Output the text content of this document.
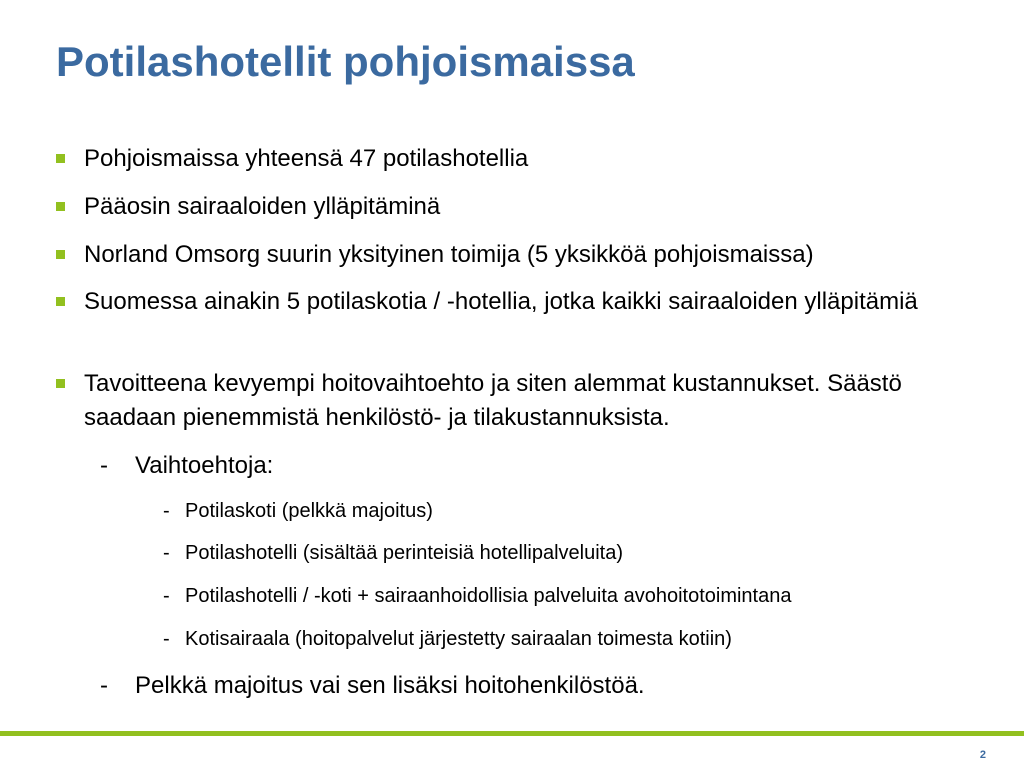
Potilashotellit pohjoismaissa
Pohjoismaissa yhteensä 47 potilashotellia
Pääosin sairaaloiden ylläpitäminä
Norland Omsorg suurin yksityinen toimija (5 yksikköä pohjoismaissa)
Suomessa ainakin 5 potilaskotia / -hotellia, jotka kaikki sairaaloiden ylläpitämiä
Tavoitteena kevyempi hoitovaihtoehto ja siten alemmat kustannukset. Säästö saadaan pienemmistä henkilöstö- ja tilakustannuksista.
- Vaihtoehtoja:
- Potilaskoti (pelkkä majoitus)
- Potilashotelli (sisältää perinteisiä hotellipalveluita)
- Potilashotelli / -koti + sairaanhoidollisia palveluita avohoitotoimintana
- Kotisairaala (hoitopalvelut järjestetty sairaalan toimesta kotiin)
- Pelkkä majoitus vai sen lisäksi hoitohenkilöstöä.
2
